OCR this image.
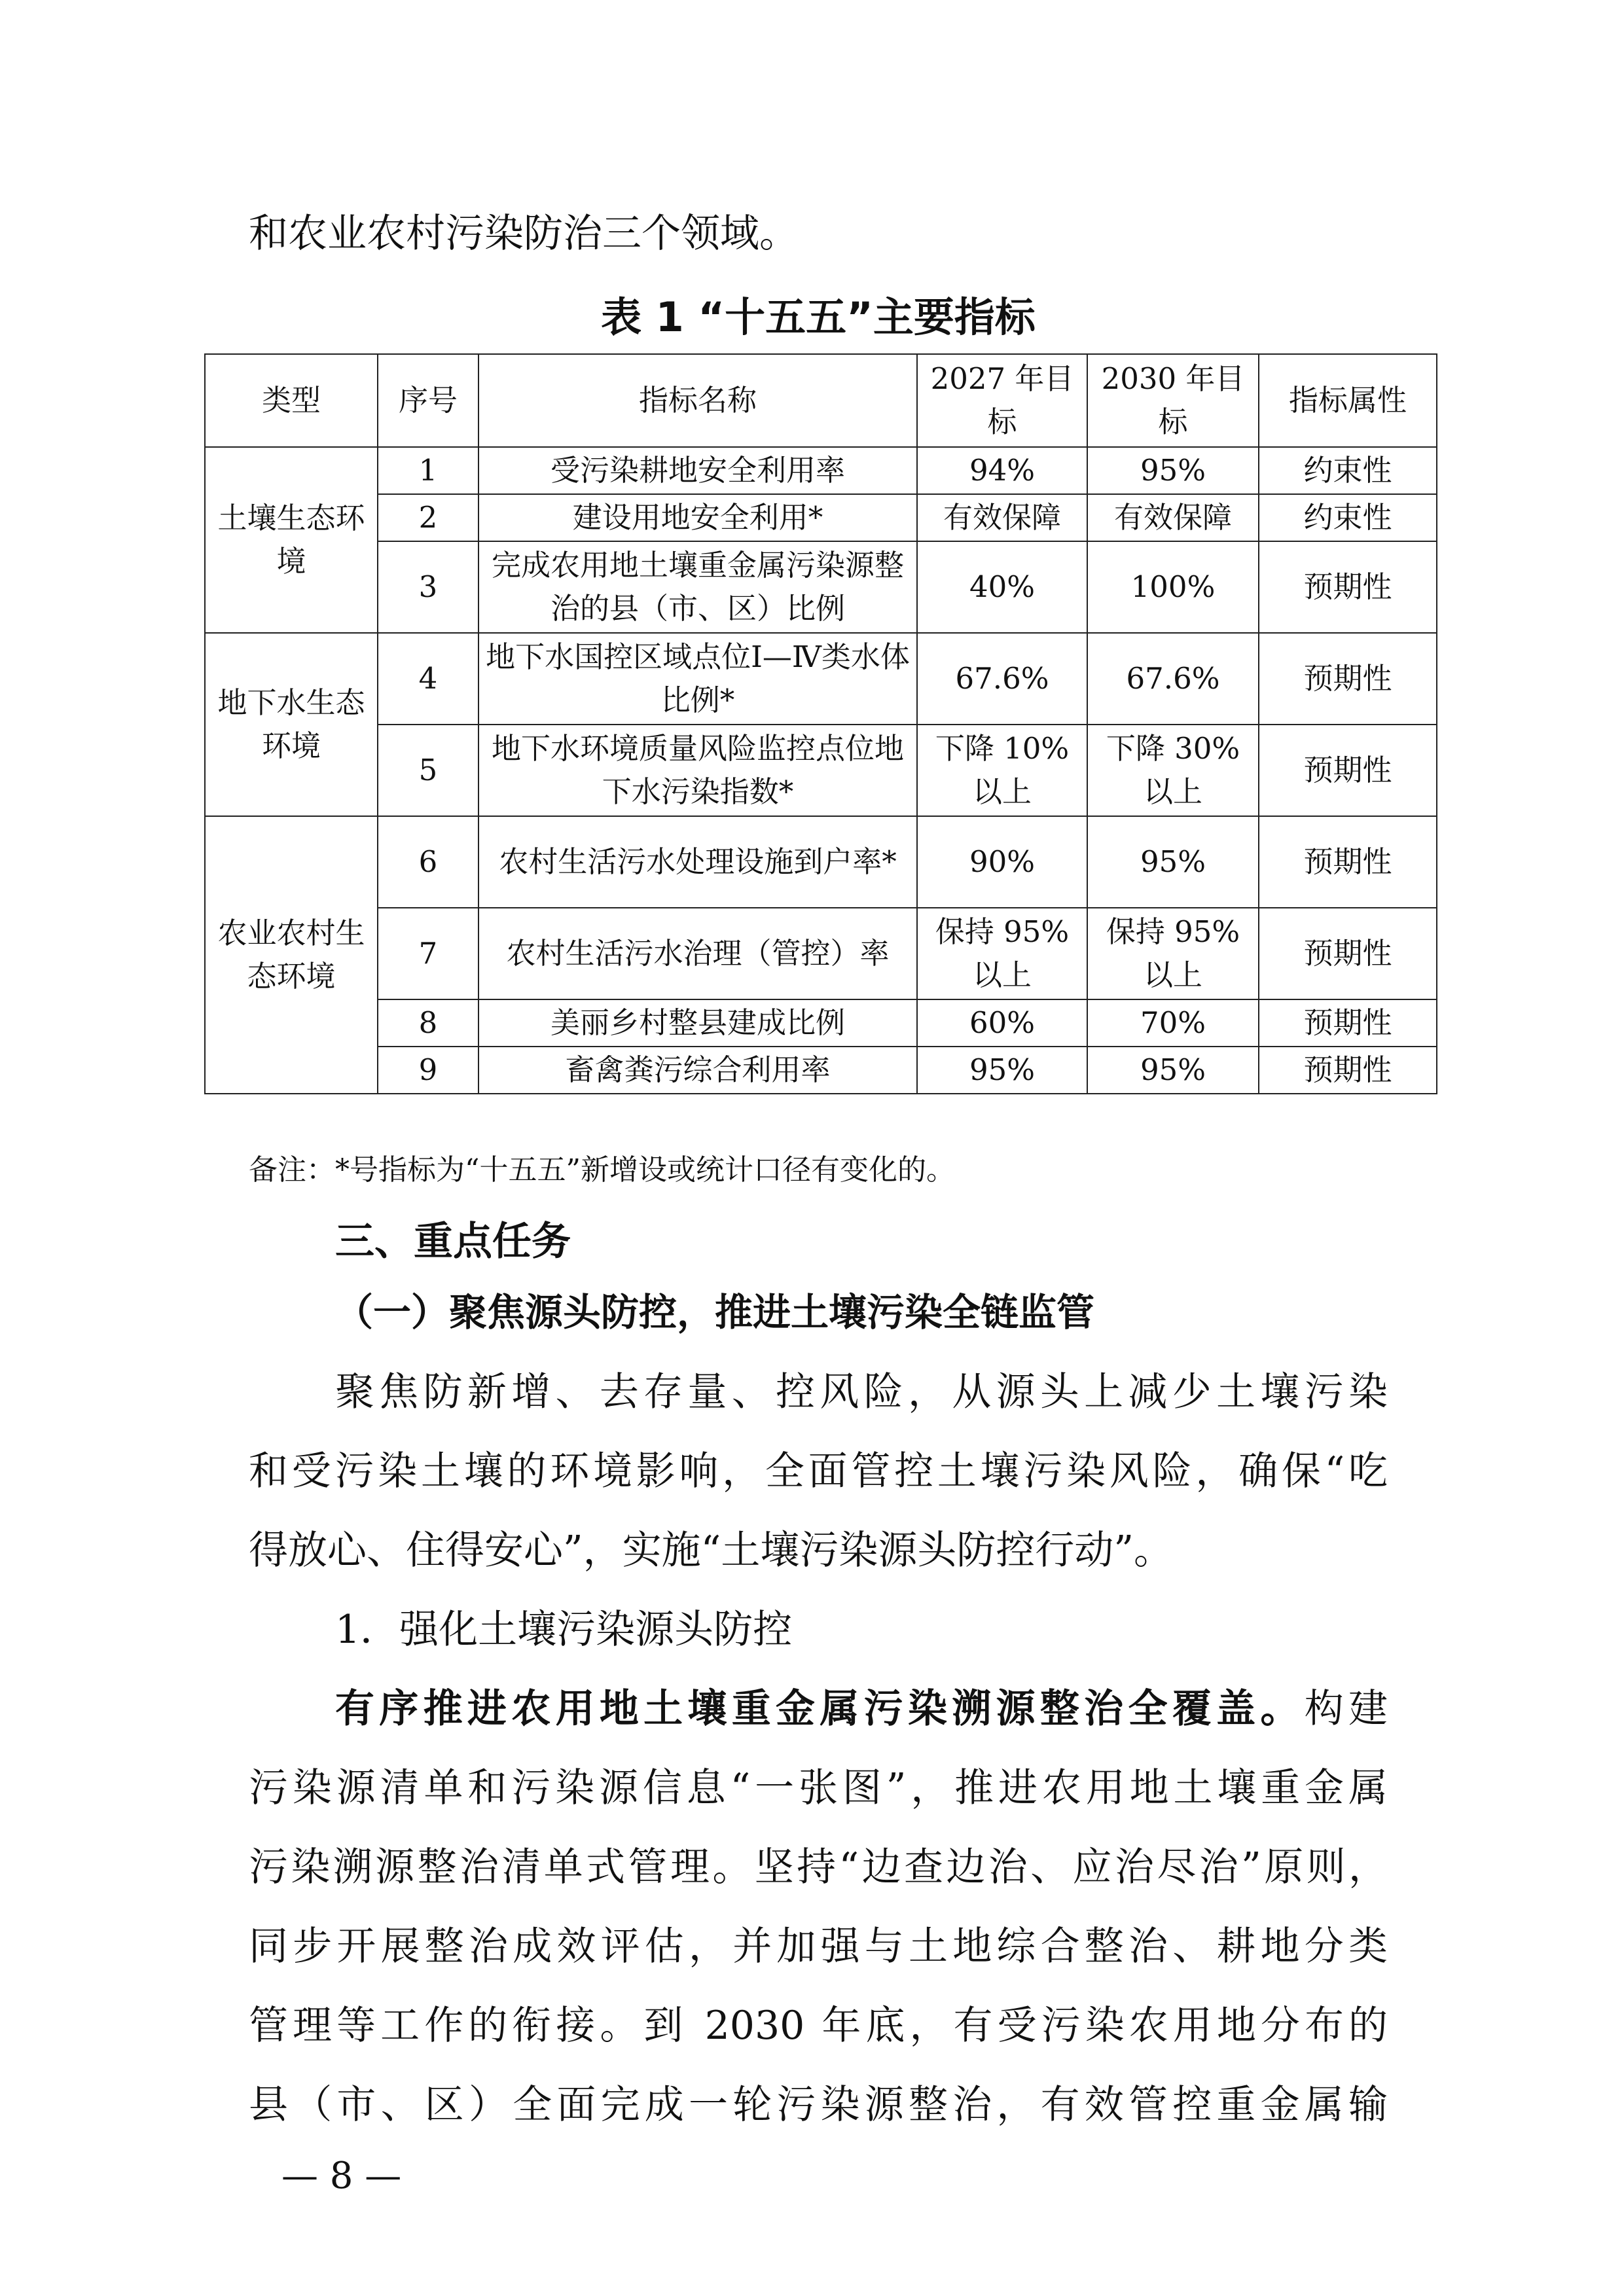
和农业农村污染防治三个领域。

表 1 “十五五”主要指标

类型	序号	指标名称	2027 年目标	2030 年目标	指标属性
土壤生态环境	1	受污染耕地安全利用率	94%	95%	约束性
	2	建设用地安全利用*	有效保障	有效保障	约束性
	3	完成农用地土壤重金属污染源整治的县（市、区）比例	40%	100%	预期性
地下水生态环境	4	地下水国控区域点位Ⅰ—Ⅳ类水体比例*	67.6%	67.6%	预期性
	5	地下水环境质量风险监控点位地下水污染指数*	下降 10%以上	下降 30%以上	预期性
农业农村生态环境	6	农村生活污水处理设施到户率*	90%	95%	预期性
	7	农村生活污水治理（管控）率	保持 95%以上	保持 95%以上	预期性
	8	美丽乡村整县建成比例	60%	70%	预期性
	9	畜禽粪污综合利用率	95%	95%	预期性

备注：*号指标为“十五五”新增设或统计口径有变化的。

三、重点任务

（一）聚焦源头防控，推进土壤污染全链监管

聚焦防新增、去存量、控风险，从源头上减少土壤污染

和受污染土壤的环境影响，全面管控土壤污染风险，确保“吃

得放心、住得安心”，实施“土壤污染源头防控行动”。

1．强化土壤污染源头防控

有序推进农用地土壤重金属污染溯源整治全覆盖。构建

污染源清单和污染源信息“一张图”，推进农用地土壤重金属

污染溯源整治清单式管理。坚持“边查边治、应治尽治”原则，

同步开展整治成效评估，并加强与土地综合整治、耕地分类

管理等工作的衔接。到 2030 年底，有受污染农用地分布的

县（市、区）全面完成一轮污染源整治，有效管控重金属输

— 8 —
